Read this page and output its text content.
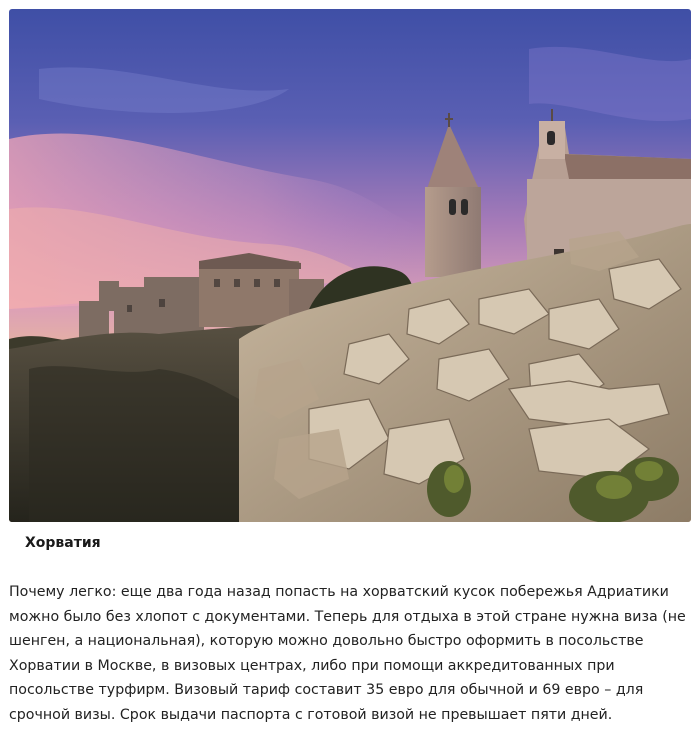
Хорватия

Почему легко: еще два года назад попасть на хорватский кусок побережья Адриатики можно было без хлопот с документами. Теперь для отдыха в этой стране нужна виза (не шенген, а национальная), которую можно довольно быстро оформить в посольстве Хорватии в Москве, в визовых центрах, либо при помощи аккредитованных при посольстве турфирм. Визовый тариф составит 35 евро для обычной и 69 евро – для срочной визы. Срок выдачи паспорта с готовой визой не превышает пяти дней.
